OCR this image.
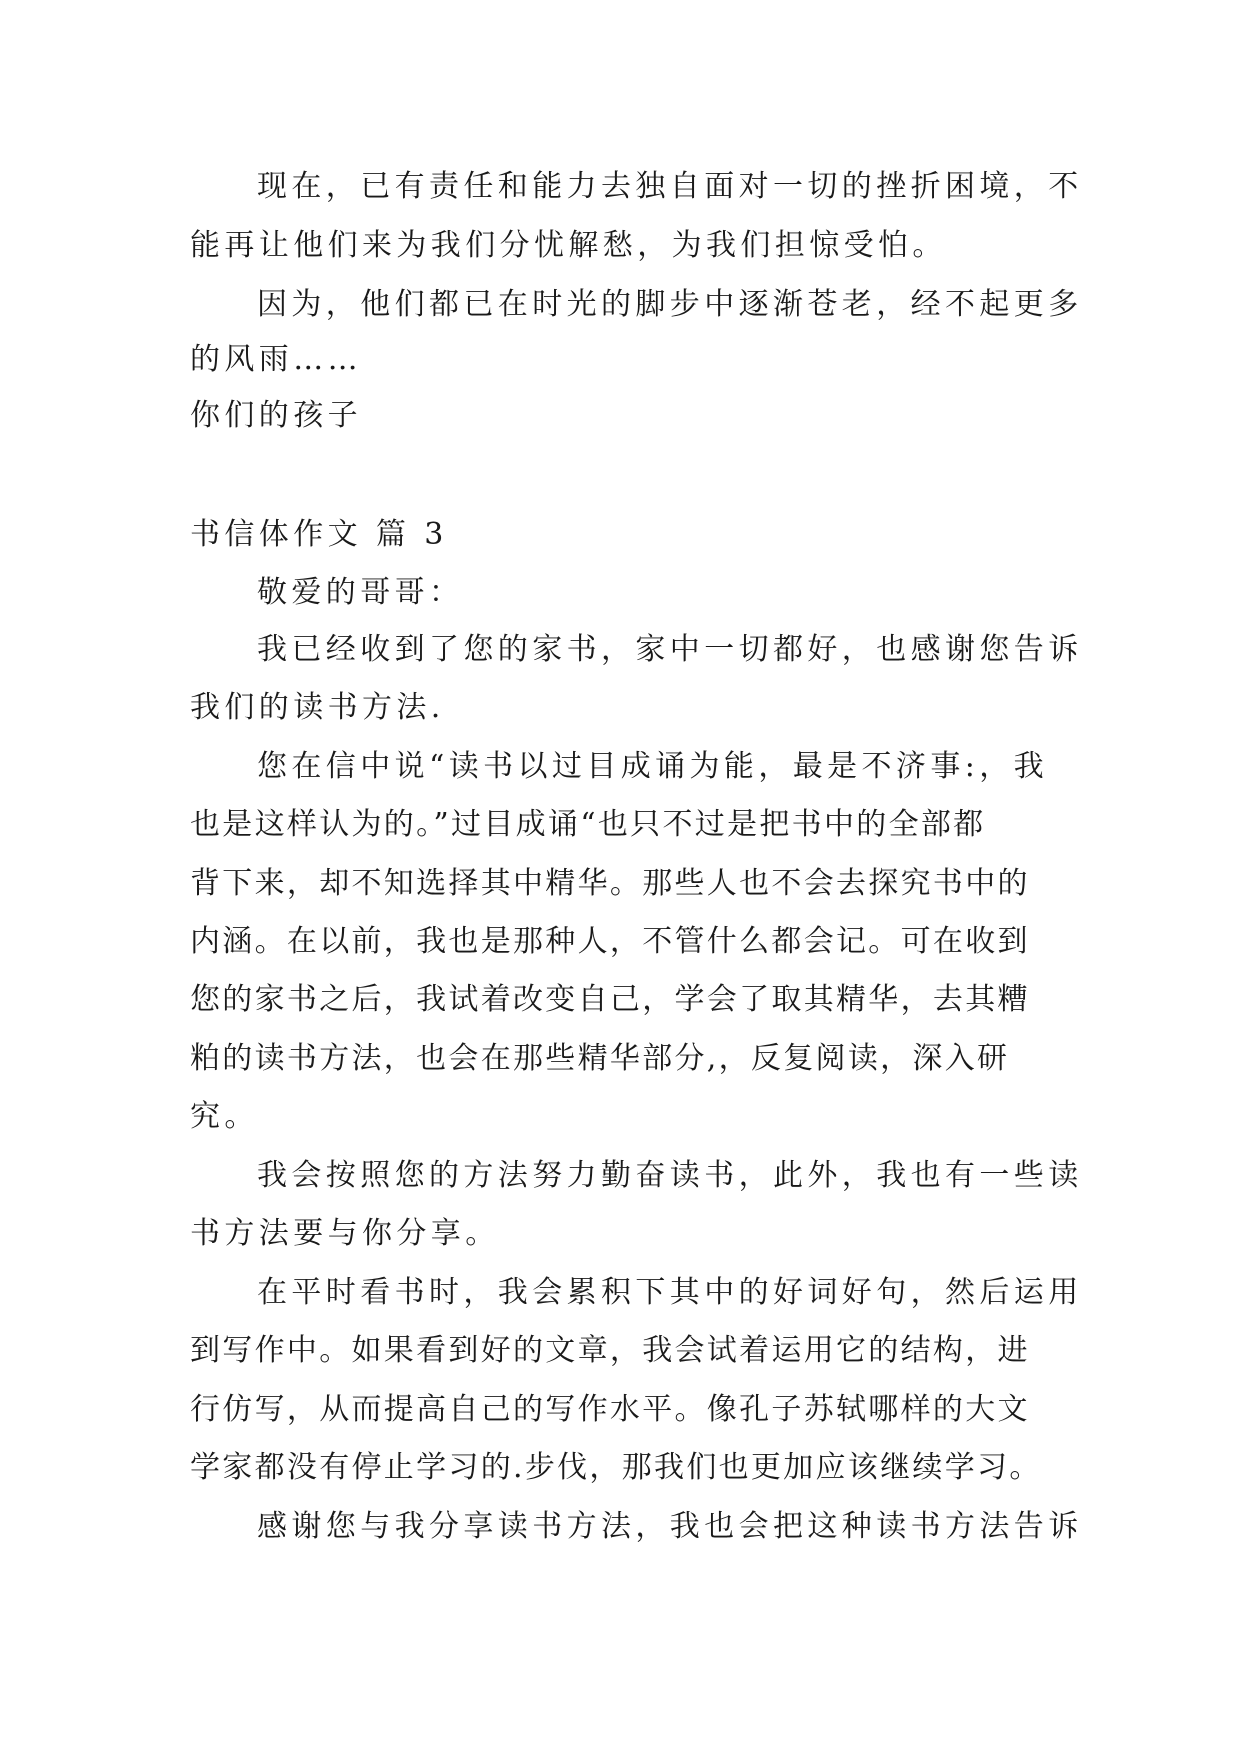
现在，已有责任和能力去独自面对一切的挫折困境，不
能再让他们来为我们分忧解愁，为我们担惊受怕。
因为，他们都已在时光的脚步中逐渐苍老，经不起更多
的风雨……
你们的孩子
书信体作文 篇 3
敬爱的哥哥：
我已经收到了您的家书，家中一切都好，也感谢您告诉
我们的读书方法.
您在信中说“读书以过目成诵为能，最是不济事:，我
也是这样认为的。”过目成诵“也只不过是把书中的全部都
背下来，却不知选择其中精华。那些人也不会去探究书中的
内涵。在以前，我也是那种人，不管什么都会记。可在收到
您的家书之后，我试着改变自己，学会了取其精华，去其糟
粕的读书方法，也会在那些精华部分,，反复阅读，深入研
究。
我会按照您的方法努力勤奋读书，此外，我也有一些读
书方法要与你分享。
在平时看书时，我会累积下其中的好词好句，然后运用
到写作中。如果看到好的文章，我会试着运用它的结构，进
行仿写，从而提高自己的写作水平。像孔子苏轼哪样的大文
学家都没有停止学习的.步伐，那我们也更加应该继续学习。
感谢您与我分享读书方法，我也会把这种读书方法告诉
